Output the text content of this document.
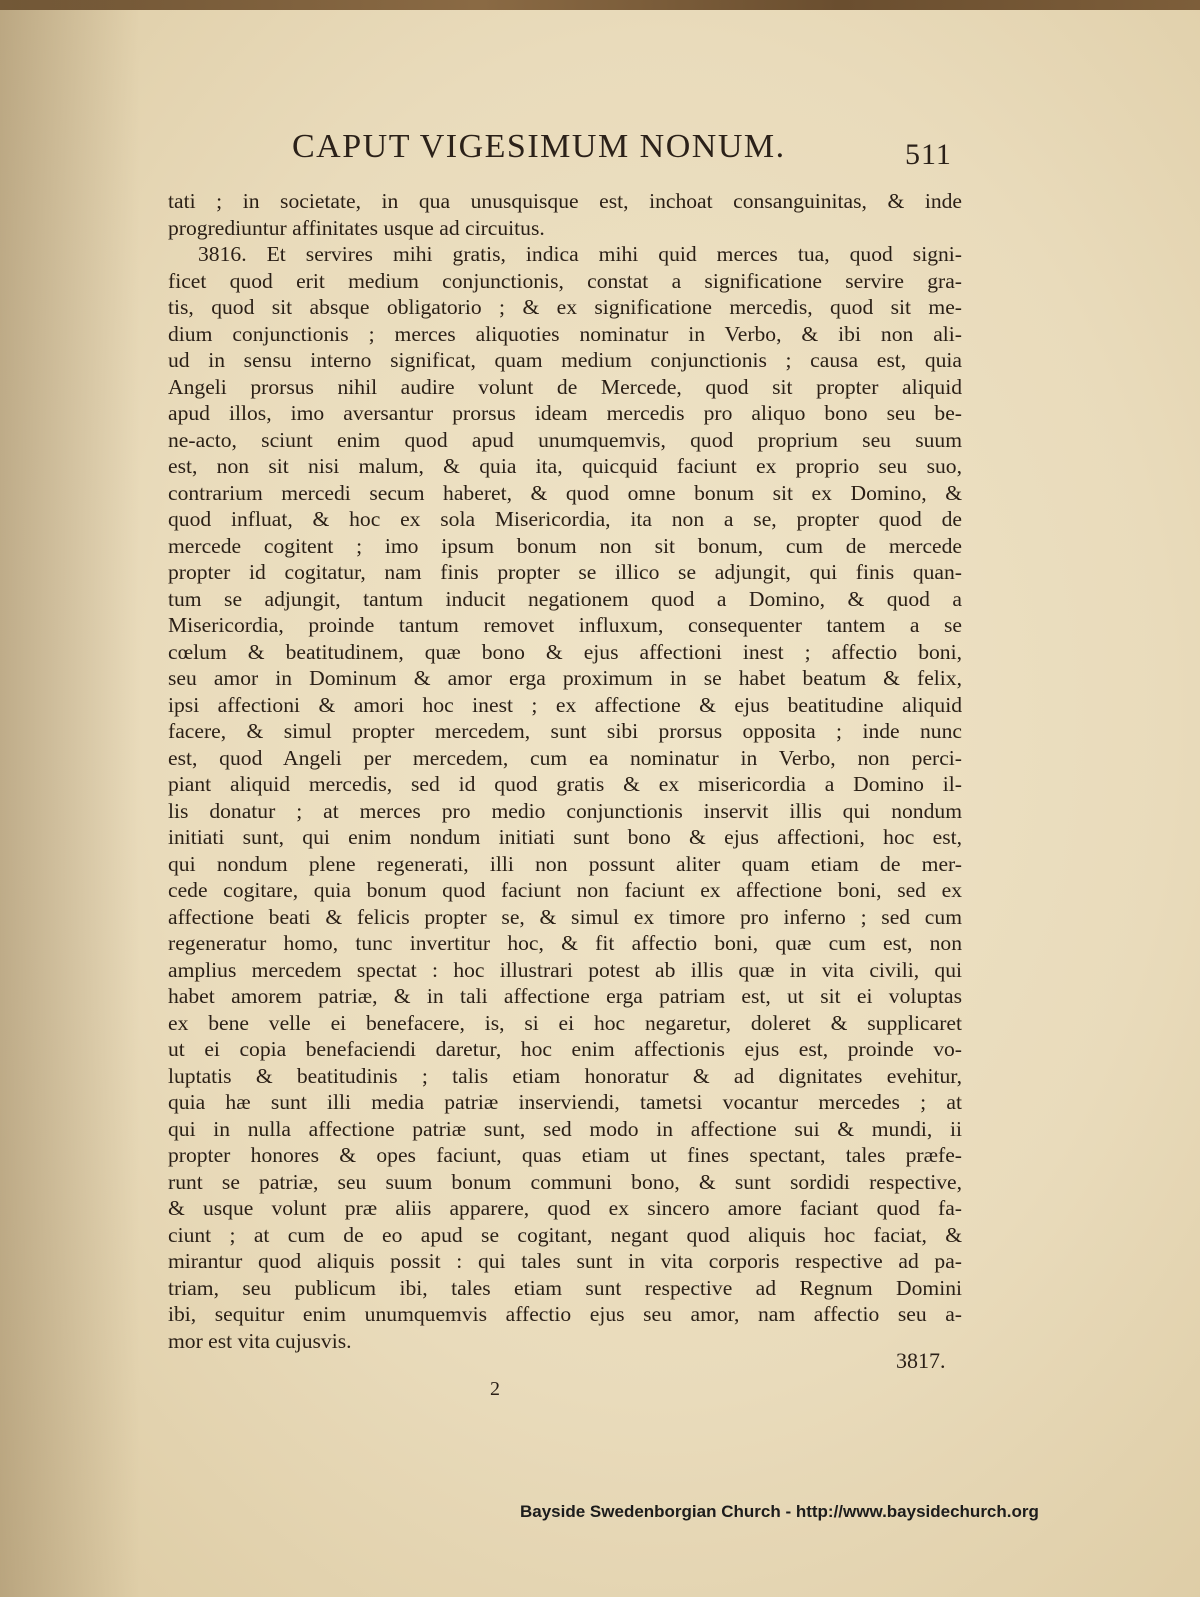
CAPUT VIGESIMUM NONUM.	511
tati ; in societate, in qua unusquisque est, inchoat consanguinitas, & inde
progrediuntur affinitates usque ad circuitus.
3816. Et servires mihi gratis, indica mihi quid merces tua, quod signi-
ficet quod erit medium conjunctionis, constat a significatione servire gra-
tis, quod sit absque obligatorio ; & ex significatione mercedis, quod sit me-
dium conjunctionis ; merces aliquoties nominatur in Verbo, & ibi non ali-
ud in sensu interno significat, quam medium conjunctionis ; causa est, quia
Angeli prorsus nihil audire volunt de Mercede, quod sit propter aliquid
apud illos, imo aversantur prorsus ideam mercedis pro aliquo bono seu be-
ne-acto, sciunt enim quod apud unumquemvis, quod proprium seu suum
est, non sit nisi malum, & quia ita, quicquid faciunt ex proprio seu suo,
contrarium mercedi secum haberet, & quod omne bonum sit ex Domino, &
quod influat, & hoc ex sola Misericordia, ita non a se, propter quod de
mercede cogitent ; imo ipsum bonum non sit bonum, cum de mercede
propter id cogitatur, nam finis propter se illico se adjungit, qui finis quan-
tum se adjungit, tantum inducit negationem quod a Domino, & quod a
Misericordia, proinde tantum removet influxum, consequenter tantem a se
cœlum & beatitudinem, quæ bono & ejus affectioni inest ; affectio boni,
seu amor in Dominum & amor erga proximum in se habet beatum & felix,
ipsi affectioni & amori hoc inest ; ex affectione & ejus beatitudine aliquid
facere, & simul propter mercedem, sunt sibi prorsus opposita ; inde nunc
est, quod Angeli per mercedem, cum ea nominatur in Verbo, non perci-
piant aliquid mercedis, sed id quod gratis & ex misericordia a Domino il-
lis donatur ; at merces pro medio conjunctionis inservit illis qui nondum
initiati sunt, qui enim nondum initiati sunt bono & ejus affectioni, hoc est,
qui nondum plene regenerati, illi non possunt aliter quam etiam de mer-
cede cogitare, quia bonum quod faciunt non faciunt ex affectione boni, sed ex
affectione beati & felicis propter se, & simul ex timore pro inferno ; sed cum
regeneratur homo, tunc invertitur hoc, & fit affectio boni, quæ cum est, non
amplius mercedem spectat : hoc illustrari potest ab illis quæ in vita civili, qui
habet amorem patriæ, & in tali affectione erga patriam est, ut sit ei voluptas
ex bene velle ei benefacere, is, si ei hoc negaretur, doleret & supplicaret
ut ei copia benefaciendi daretur, hoc enim affectionis ejus est, proinde vo-
luptatis & beatitudinis ; talis etiam honoratur & ad dignitates evehitur,
quia hæ sunt illi media patriæ inserviendi, tametsi vocantur mercedes ; at
qui in nulla affectione patriæ sunt, sed modo in affectione sui & mundi, ii
propter honores & opes faciunt, quas etiam ut fines spectant, tales præfe-
runt se patriæ, seu suum bonum communi bono, & sunt sordidi respective,
& usque volunt præ aliis apparere, quod ex sincero amore faciant quod fa-
ciunt ; at cum de eo apud se cogitant, negant quod aliquis hoc faciat, &
mirantur quod aliquis possit : qui tales sunt in vita corporis respective ad pa-
triam, seu publicum ibi, tales etiam sunt respective ad Regnum Domini
ibi, sequitur enim unumquemvis affectio ejus seu amor, nam affectio seu a-
mor est vita cujusvis.
3817.
2
Bayside Swedenborgian Church - http://www.baysidechurch.org
